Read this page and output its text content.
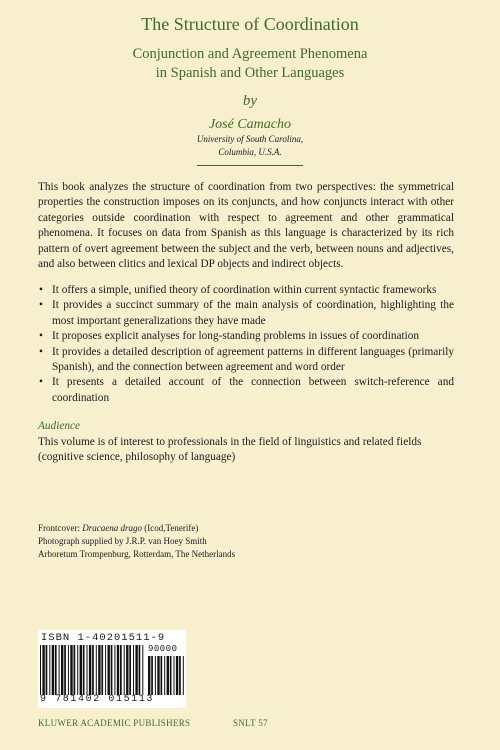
The Structure of Coordination
Conjunction and Agreement Phenomena
in Spanish and Other Languages
by
José Camacho
University of South Carolina,
Columbia, U.S.A.
This book analyzes the structure of coordination from two perspectives: the symmetrical properties the construction imposes on its conjuncts, and how conjuncts interact with other categories outside coordination with respect to agreement and other grammatical phenomena. It focuses on data from Spanish as this language is characterized by its rich pattern of overt agreement between the subject and the verb, between nouns and adjectives, and also between clitics and lexical DP objects and indirect objects.
• It offers a simple, unified theory of coordination within current syntactic frameworks
• It provides a succinct summary of the main analysis of coordination, highlighting the most important generalizations they have made
• It proposes explicit analyses for long-standing problems in issues of coordination
• It provides a detailed description of agreement patterns in different languages (primarily Spanish), and the connection between agreement and word order
• It presents a detailed account of the connection between switch-reference and coordination
Audience
This volume is of interest to professionals in the field of linguistics and related fields (cognitive science, philosophy of language)
Frontcover: Dracaena drago (Icod,Tenerife)
Photograph supplied by J.R.P. van Hoey Smith
Arboretum Trompenburg, Rotterdam, The Netherlands
ISBN 1-40201511-9
90000
9 781402 015113
KLUWER ACADEMIC PUBLISHERS	SNLT 57
